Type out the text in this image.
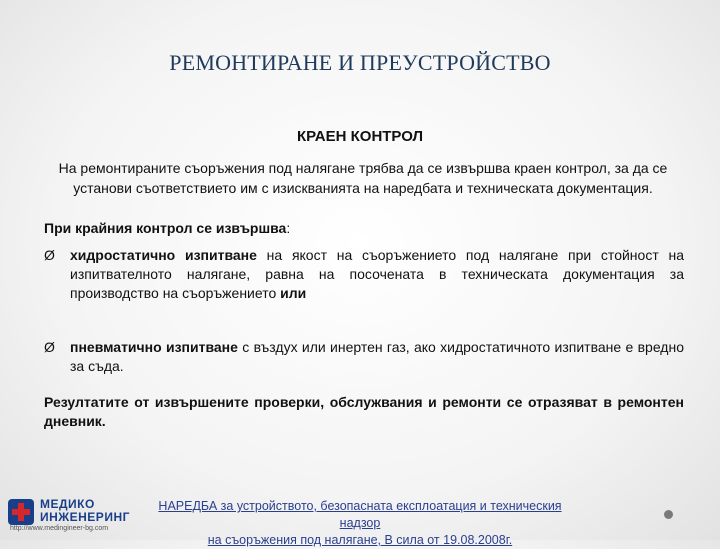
РЕМОНТИРАНЕ И ПРЕУСТРОЙСТВО
КРАЕН КОНТРОЛ
На ремонтираните съоръжения под налягане трябва да се извършва краен контрол, за да се установи съответствието им с изискванията на наредбата и техническата документация.
При крайния контрол се извършва:
Ø хидростатично изпитване на якост на съоръжението под налягане при стойност на изпитвателното налягане, равна на посочената в техническата документация за производство на съоръжението или
Ø пневматично изпитване с въздух или инертен газ, ако хидростатичното изпитване е вредно за съда.
Резултатите от извършените проверки, обслужвания и ремонти се отразяват в ремонтен дневник.
НАРЕДБА за устройството, безопасната експлоатация и техническия надзор
на съоръжения под налягане, В сила от 19.08.2008г.
МЕДИКО
ИНЖЕНЕРИНГ
http://www.medingineer-bg.com
